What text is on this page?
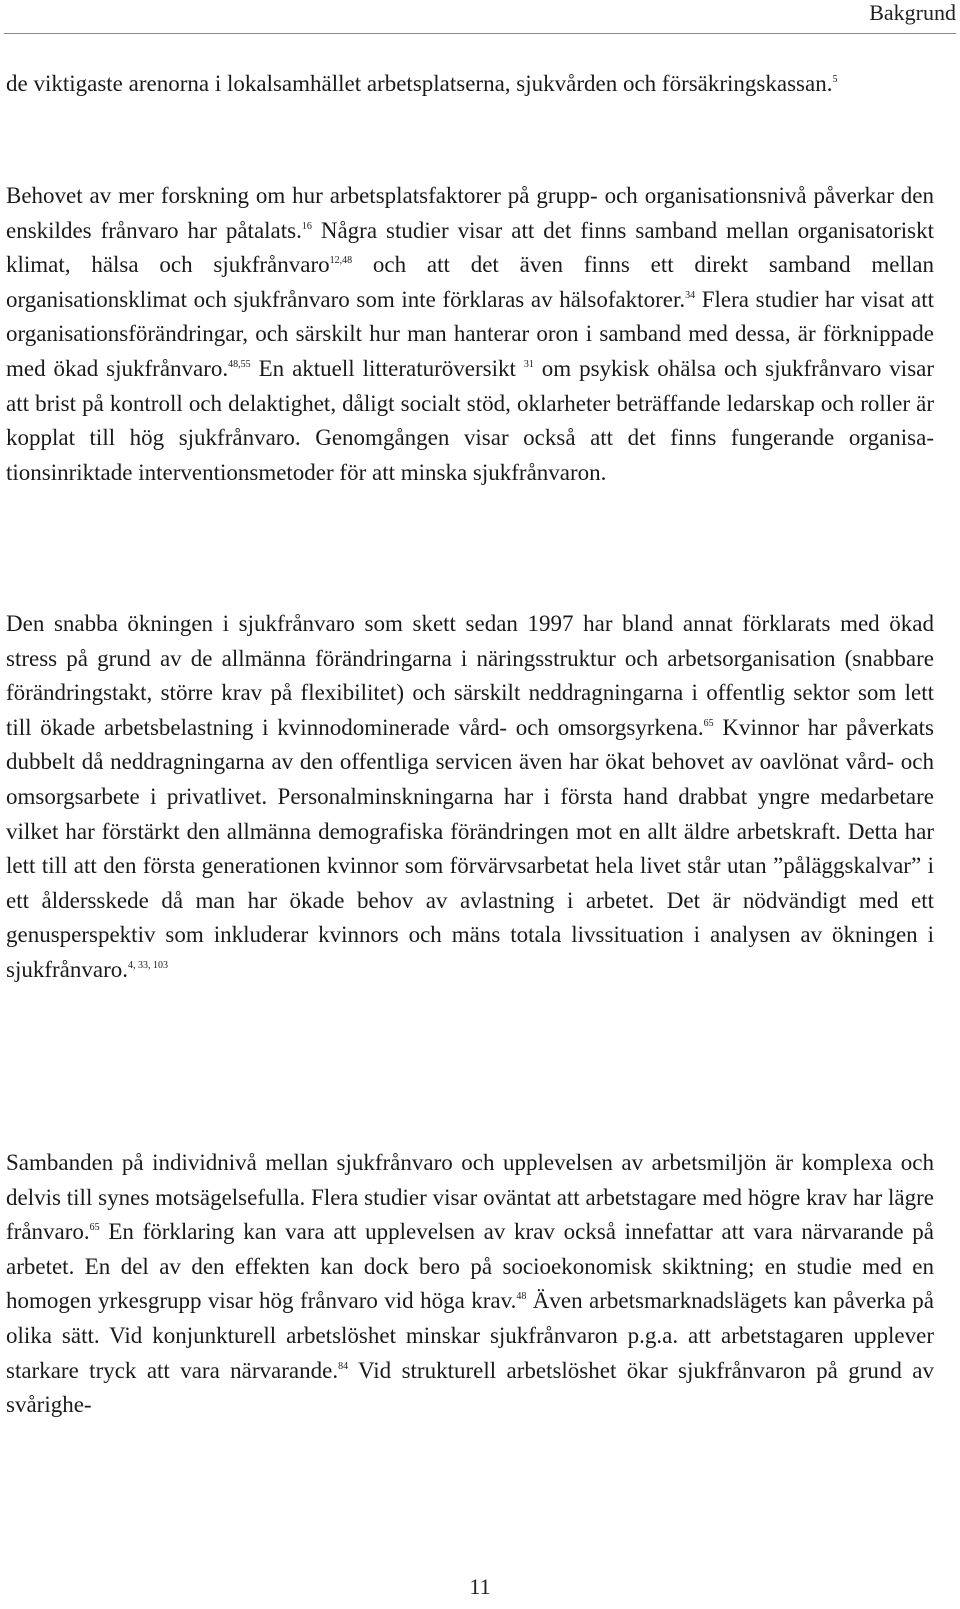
Bakgrund

de viktigaste arenorna i lokalsamhället arbetsplatserna, sjukvården och försäkringskassan.$^5$

Behovet av mer forskning om hur arbetsplatsfaktorer på grupp- och organisationsnivå påverkar den enskildes frånvaro har påtalats.$^{16}$ Några studier visar att det finns samband mellan organisatoriskt klimat, hälsa och sjukfrånvaro$^{12,48}$ och att det även finns ett direkt samband mellan organisationsklimat och sjukfrånvaro som inte förklaras av hälsofaktorer.$^{34}$ Flera studier har visat att organisationsförändringar, och särskilt hur man hanterar oron i samband med dessa, är förknippade med ökad sjukfrånvaro.$^{48,55}$ En aktuell litteraturöversikt $^{31}$ om psykisk ohälsa och sjukfrånvaro visar att brist på kontroll och delaktighet, dåligt socialt stöd, oklarheter beträffande ledarskap och roller är kopplat till hög sjukfrånvaro. Genomgången visar också att det finns fungerande organisationsinriktade interventionsmetoder för att minska sjukfrånvaron.

Den snabba ökningen i sjukfrånvaro som skett sedan 1997 har bland annat förklarats med ökad stress på grund av de allmänna förändringarna i näringsstruktur och arbetsorganisation (snabbare förändringstakt, större krav på flexibilitet) och särskilt neddragningarna i offentlig sektor som lett till ökade arbetsbelastning i kvinnodominerade vård- och omsorgsyrkena.$^{65}$ Kvinnor har påverkats dubbelt då neddragningarna av den offentliga servicen även har ökat behovet av oavlönat vård- och omsorgsarbete i privatlivet. Personalminskningarna har i första hand drabbat yngre medarbetare vilket har förstärkt den allmänna demografiska förändringen mot en allt äldre arbetskraft. Detta har lett till att den första generationen kvinnor som förvärvsarbetat hela livet står utan ”påläggskalvar” i ett åldersskede då man har ökade behov av avlastning i arbetet. Det är nödvändigt med ett genusperspektiv som inkluderar kvinnors och mäns totala livssituation i analysen av ökningen i sjukfrånvaro.$^{4, 33, 103}$

Sambanden på individnivå mellan sjukfrånvaro och upplevelsen av arbetsmiljön är komplexa och delvis till synes motsägelsefulla. Flera studier visar oväntat att arbetstagare med högre krav har lägre frånvaro.$^{65}$ En förklaring kan vara att upplevelsen av krav också innefattar att vara närvarande på arbetet. En del av den effekten kan dock bero på socioekonomisk skiktning; en studie med en homogen yrkesgrupp visar hög frånvaro vid höga krav.$^{48}$ Även arbetsmarknadslägets kan påverka på olika sätt. Vid konjunkturell arbetslöshet minskar sjukfrånvaron p.g.a. att arbetstagaren upplever starkare tryck att vara närvarande.$^{84}$ Vid strukturell arbetslöshet ökar sjukfrånvaron på grund av svårighe-

11
